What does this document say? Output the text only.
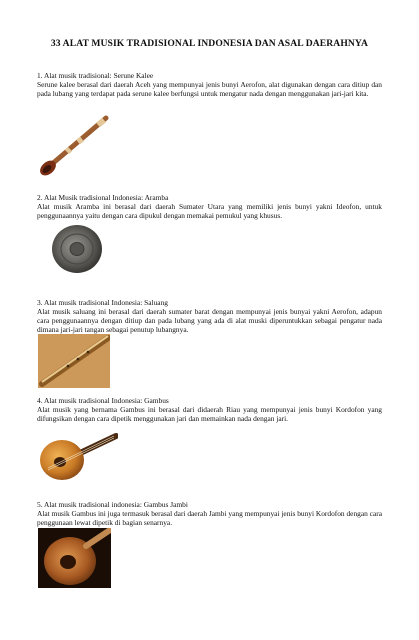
33 ALAT MUSIK TRADISIONAL INDONESIA DAN ASAL DAERAHNYA
1. Alat musik tradisional: Serune Kalee
Serune kalee berasal dari daerah Aceh yang mempunyai jenis bunyi Aerofon, alat digunakan dengan cara ditiup dan pada lubang yang terdapat pada serune kalee berfungsi untuk mengatur nada dengan menggunakan jari-jari kita.
2. Alat Musik tradisional Indonesia: Aramba
Alat musik Aramba ini berasal dari daerah Sumater Utara yang memiliki jenis bunyi yakni Ideofon, untuk penggunaannya yaitu dengan cara dipukul dengan memakai pemukul yang khusus.
3. Alat musik tradisional Indonesia: Saluang
Alat musik saluang ini berasal dari daerah sumater barat dengan mempunyai jenis bunyai yakni Aerofon, adapun cara penggunaannya dengan ditiup dan pada lubang yang ada di alat muski diperuntukkan sebagai pengatur nada dimana jari-jari tangan sebagai penutup lubangnya.
4. Alat musik tradisional Indonesia: Gambus
Alat musik yang bernama Gambus ini berasal dari didaerah Riau yang mempunyai jenis bunyi Kordofon yang difungsikan dengan cara dipetik menggunakan jari dan memainkan nada dengan jari.
5. Alat musik tradisional indonesia: Gambus Jambi
Alat musik Gambus ini juga termasuk berasal dari daerah Jambi yang mempunyai jenis bunyi Kordofon dengan cara penggunaan lewat dipetik di bagian senarnya.
